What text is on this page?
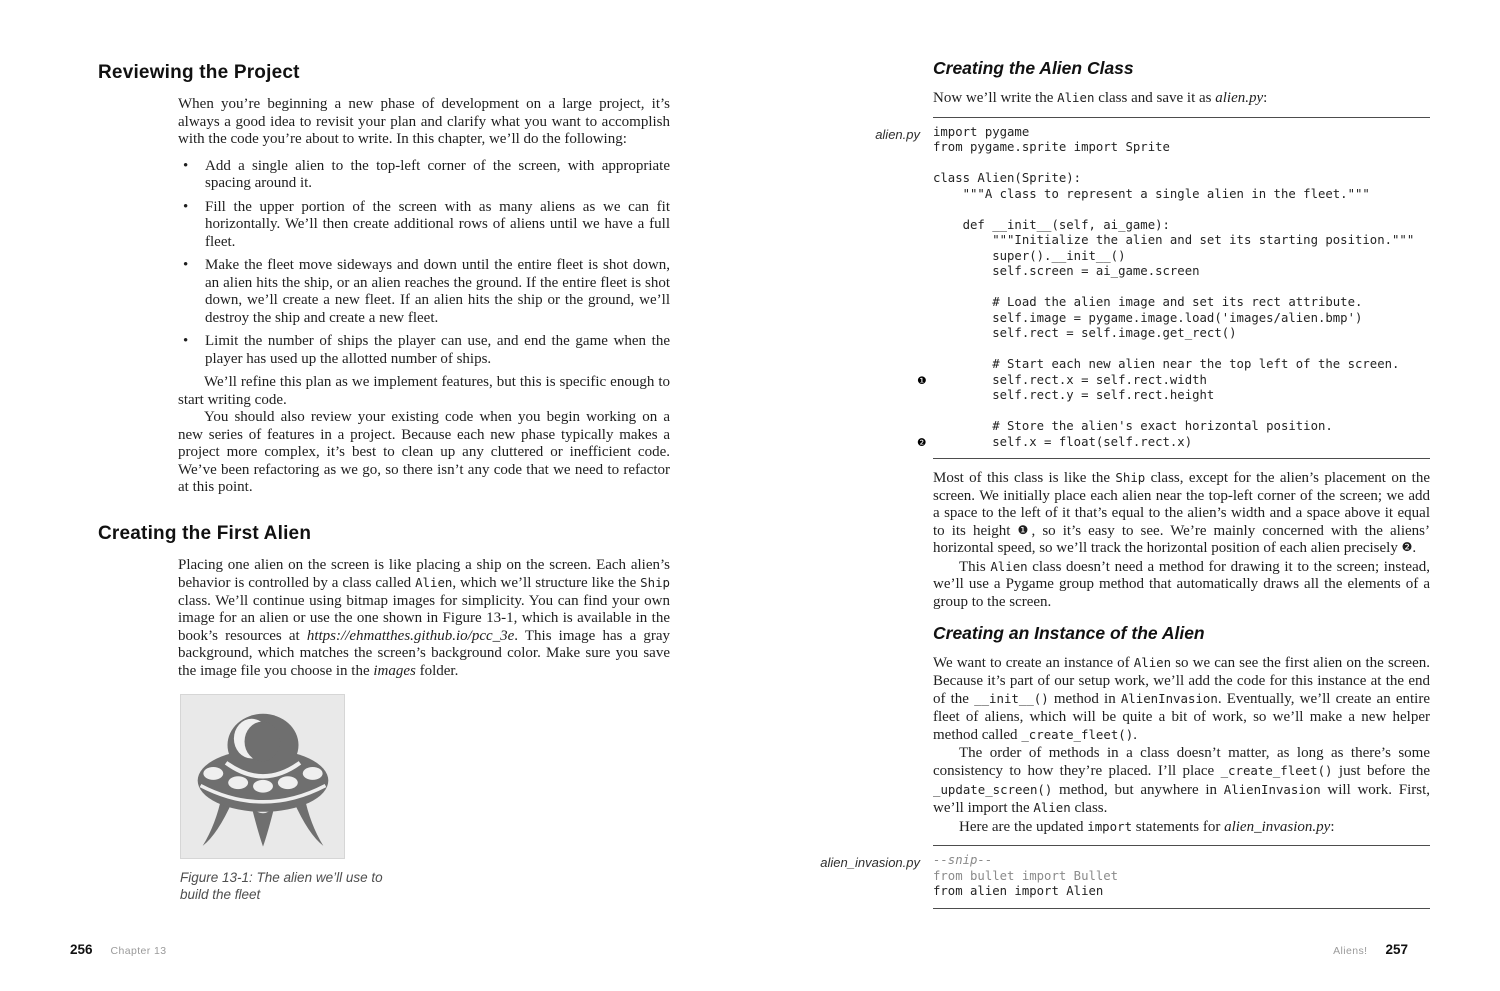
Reviewing the Project

When you’re beginning a new phase of development on a large project, it’s always a good idea to revisit your plan and clarify what you want to accomplish with the code you’re about to write. In this chapter, we’ll do the following:

• Add a single alien to the top-left corner of the screen, with appropriate spacing around it.
• Fill the upper portion of the screen with as many aliens as we can fit horizontally. We’ll then create additional rows of aliens until we have a full fleet.
• Make the fleet move sideways and down until the entire fleet is shot down, an alien hits the ship, or an alien reaches the ground. If the entire fleet is shot down, we’ll create a new fleet. If an alien hits the ship or the ground, we’ll destroy the ship and create a new fleet.
• Limit the number of ships the player can use, and end the game when the player has used up the allotted number of ships.

We’ll refine this plan as we implement features, but this is specific enough to start writing code.

You should also review your existing code when you begin working on a new series of features in a project. Because each new phase typically makes a project more complex, it’s best to clean up any cluttered or inefficient code. We’ve been refactoring as we go, so there isn’t any code that we need to refactor at this point.

Creating the First Alien

Placing one alien on the screen is like placing a ship on the screen. Each alien’s behavior is controlled by a class called Alien, which we’ll structure like the Ship class. We’ll continue using bitmap images for simplicity. You can find your own image for an alien or use the one shown in Figure 13-1, which is available in the book’s resources at https://ehmatthes.github.io/pcc_3e. This image has a gray background, which matches the screen’s background color. Make sure you save the image file you choose in the images folder.

Figure 13-1: The alien we’ll use to build the fleet

Creating the Alien Class

Now we’ll write the Alien class and save it as alien.py:

alien.py import pygame
from pygame.sprite import Sprite

class Alien(Sprite):
"""A class to represent a single alien in the fleet."""

def __init__(self, ai_game):
"""Initialize the alien and set its starting position."""
super().__init__()
self.screen = ai_game.screen

# Load the alien image and set its rect attribute.
self.image = pygame.image.load('images/alien.bmp')
self.rect = self.image.get_rect()

# Start each new alien near the top left of the screen.
❶ self.rect.x = self.rect.width
self.rect.y = self.rect.height

# Store the alien's exact horizontal position.
❷ self.x = float(self.rect.x)

Most of this class is like the Ship class, except for the alien’s placement on the screen. We initially place each alien near the top-left corner of the screen; we add a space to the left of it that’s equal to the alien’s width and a space above it equal to its height ❶, so it’s easy to see. We’re mainly concerned with the aliens’ horizontal speed, so we’ll track the horizontal position of each alien precisely ❷.

This Alien class doesn’t need a method for drawing it to the screen; instead, we’ll use a Pygame group method that automatically draws all the elements of a group to the screen.

Creating an Instance of the Alien

We want to create an instance of Alien so we can see the first alien on the screen. Because it’s part of our setup work, we’ll add the code for this instance at the end of the __init__() method in AlienInvasion. Eventually, we’ll create an entire fleet of aliens, which will be quite a bit of work, so we’ll make a new helper method called _create_fleet().

The order of methods in a class doesn’t matter, as long as there’s some consistency to how they’re placed. I’ll place _create_fleet() just before the _update_screen() method, but anywhere in AlienInvasion will work. First, we’ll import the Alien class.

Here are the updated import statements for alien_invasion.py:

alien_invasion.py --snip--
from bullet import Bullet
from alien import Alien
256 Chapter 13	Aliens! 257
